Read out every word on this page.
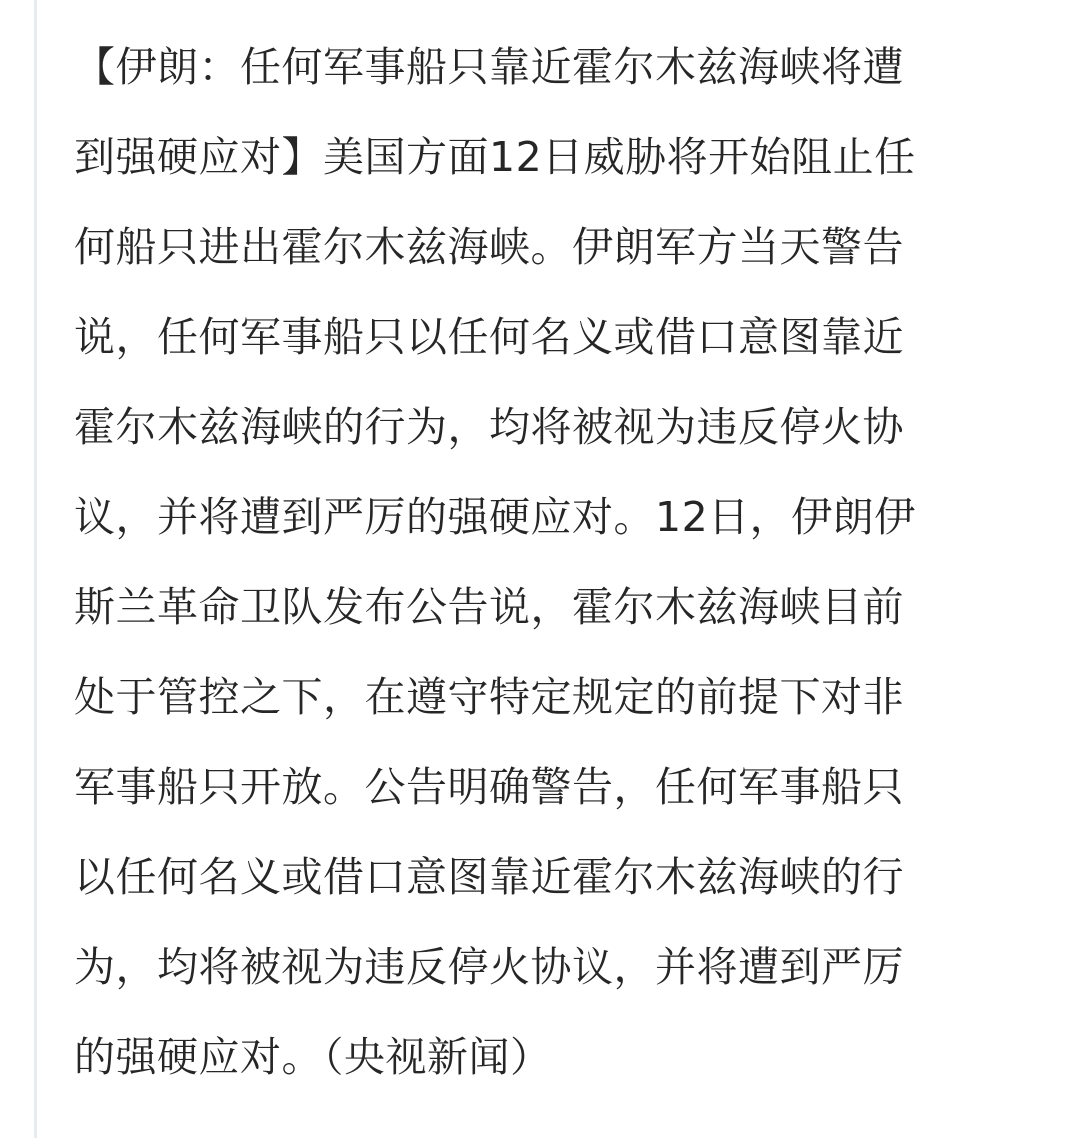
【伊朗：任何军事船只靠近霍尔木兹海峡将遭
到强硬应对】美国方面12日威胁将开始阻止任
何船只进出霍尔木兹海峡。伊朗军方当天警告
说，任何军事船只以任何名义或借口意图靠近
霍尔木兹海峡的行为，均将被视为违反停火协
议，并将遭到严厉的强硬应对。12日，伊朗伊
斯兰革命卫队发布公告说，霍尔木兹海峡目前
处于管控之下，在遵守特定规定的前提下对非
军事船只开放。公告明确警告，任何军事船只
以任何名义或借口意图靠近霍尔木兹海峡的行
为，均将被视为违反停火协议，并将遭到严厉
的强硬应对。（央视新闻）
